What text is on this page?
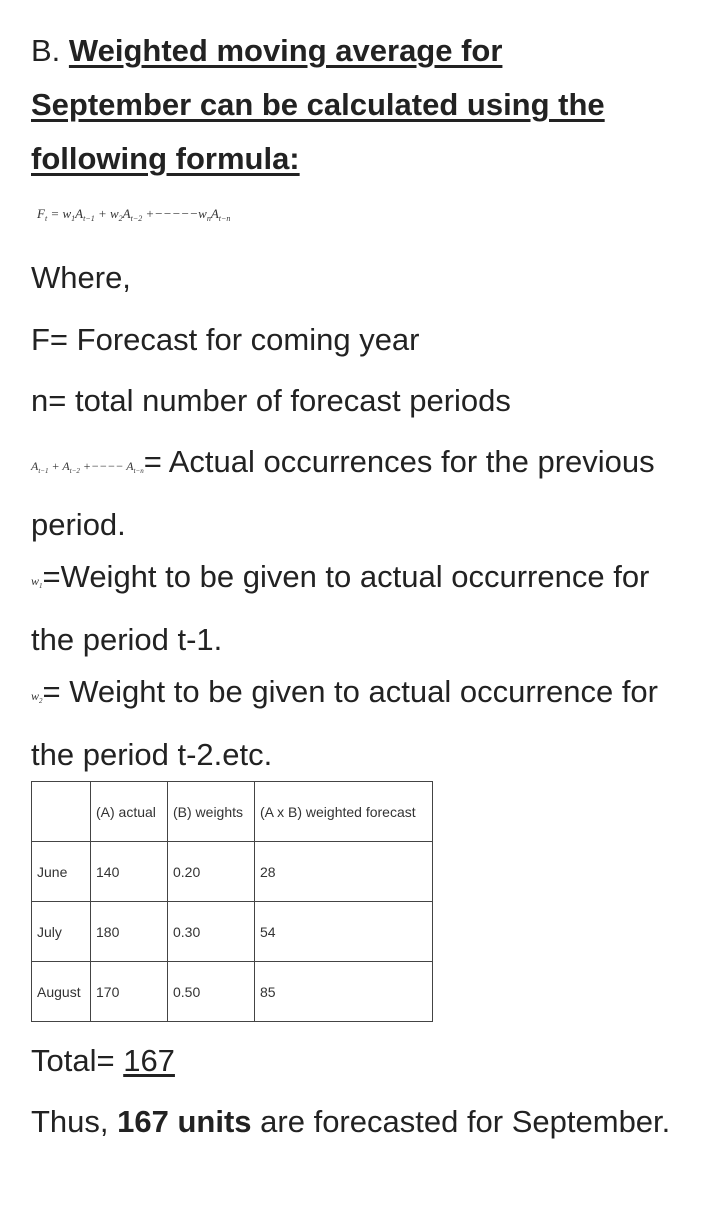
B. Weighted moving average for September can be calculated using the following formula:
$F_t = w_1A_{t-1} + w_2A_{t-2} +-----w_nA_{t-n}$
Where,
F= Forecast for coming year
n= total number of forecast periods
$A_{t-1} + A_{t-2}$ +−−−− $A_{t-n}=$ Actual occurrences for the previous period.
$w_1=Weight$ to be given to actual occurrence for the period t-1.
$w_2=$ Weight to be given to actual occurrence for the period t-2.etc.
	(A) actual	(B) weights	(A x B) weighted forecast
June	140	0.20	28
July	180	0.30	54
August	170	0.50	85
Total= 167
Thus, 167 units are forecasted for September.
